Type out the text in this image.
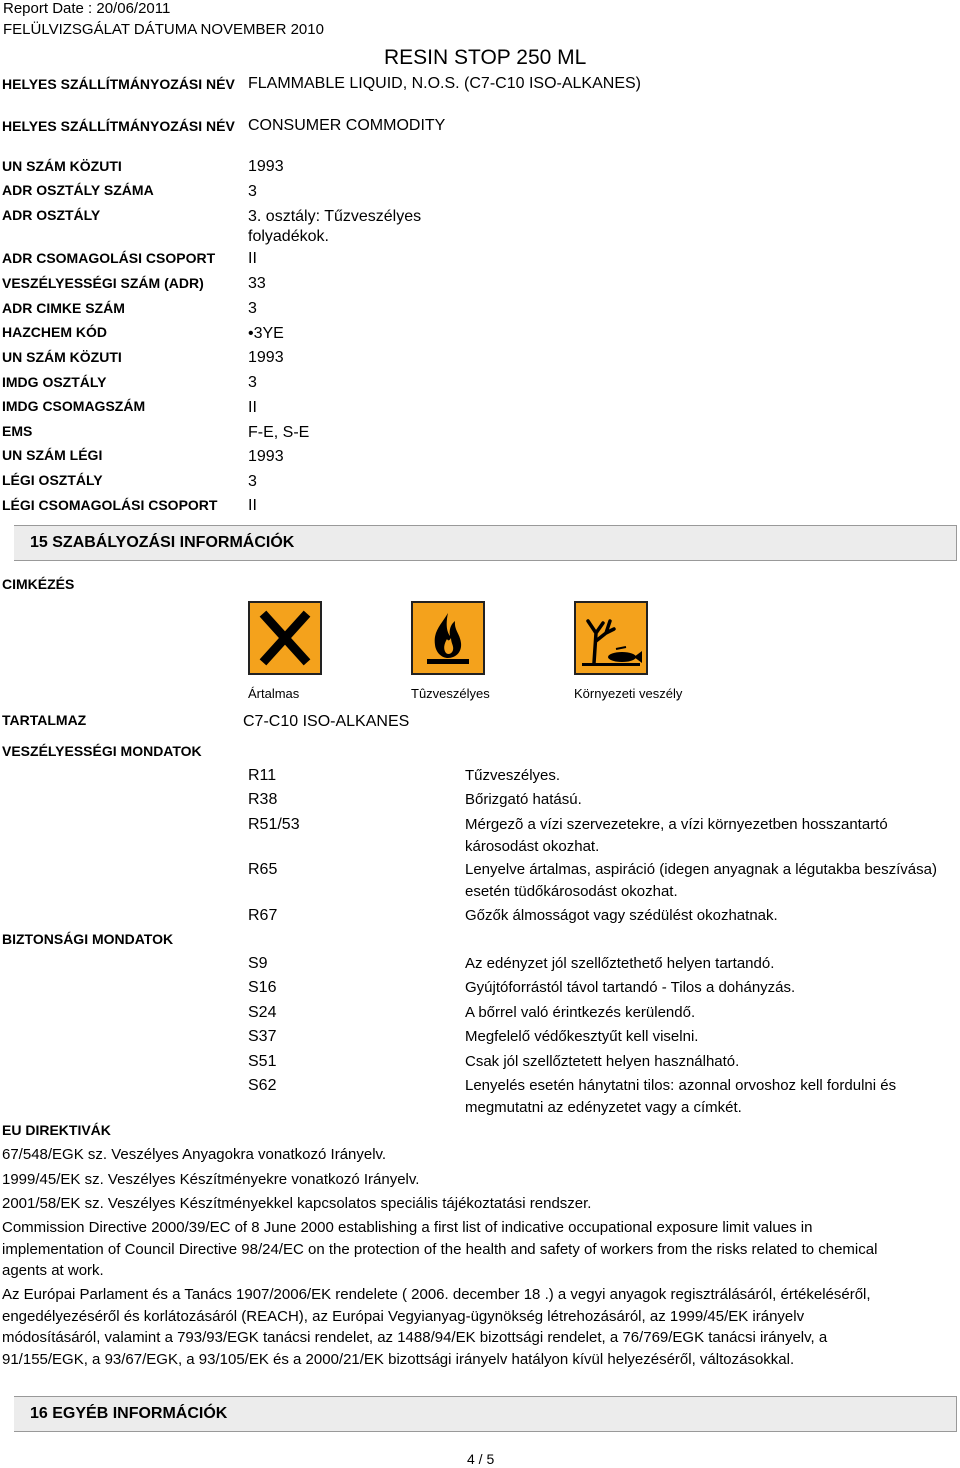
Report Date : 20/06/2011
FELÜLVIZSGÁLAT DÁTUMA NOVEMBER 2010
RESIN STOP 250 ML
HELYES SZÁLLÍTMÁNYOZÁSI NÉV FLAMMABLE LIQUID, N.O.S. (C7-C10 ISO-ALKANES)
HELYES SZÁLLÍTMÁNYOZÁSI NÉV CONSUMER COMMODITY
UN SZÁM KÖZUTI	1993
ADR OSZTÁLY SZÁMA	3
ADR OSZTÁLY	3. osztály: Tűzveszélyes folyadékok.
ADR CSOMAGOLÁSI CSOPORT II
VESZÉLYESSÉGI SZÁM (ADR)	33
ADR CIMKE SZÁM	3
HAZCHEM KÓD	•3YE
UN SZÁM KÖZUTI	1993
IMDG OSZTÁLY	3
IMDG CSOMAGSZÁM	II
EMS	F-E, S-E
UN SZÁM LÉGI	1993
LÉGI OSZTÁLY	3
LÉGI CSOMAGOLÁSI CSOPORT II
15 SZABÁLYOZÁSI INFORMÁCIÓK
CIMKÉZÉS
Ártalmas	Tûzveszélyes	Környezeti veszély
TARTALMAZ	C7-C10 ISO-ALKANES
VESZÉLYESSÉGI MONDATOK
R11	Tűzveszélyes.
R38	Bőrizgató hatású.
R51/53	Mérgezõ a vízi szervezetekre, a vízi környezetben hosszantartó károsodást okozhat.
R65	Lenyelve ártalmas, aspiráció (idegen anyagnak a légutakba beszívása) esetén tüdőkárosodást okozhat.
R67	Gőzők álmosságot vagy szédülést okozhatnak.
BIZTONSÁGI MONDATOK
S9	Az edényzet jól szellőztethető helyen tartandó.
S16	Gyújtóforrástól távol tartandó - Tilos a dohányzás.
S24	A bőrrel való érintkezés kerülendő.
S37	Megfelelő védőkesztyűt kell viselni.
S51	Csak jól szellőztetett helyen használható.
S62	Lenyelés esetén hánytatni tilos: azonnal orvoshoz kell fordulni és megmutatni az edényzetet vagy a címkét.
EU DIREKTIVÁK
67/548/EGK sz. Veszélyes Anyagokra vonatkozó Irányelv.
1999/45/EK sz. Veszélyes Készítményekre vonatkozó Irányelv.
2001/58/EK sz. Veszélyes Készítményekkel kapcsolatos speciális tájékoztatási rendszer.
Commission Directive 2000/39/EC of 8 June 2000 establishing a first list of indicative occupational exposure limit values in implementation of Council Directive 98/24/EC on the protection of the health and safety of workers from the risks related to chemical agents at work.
Az Európai Parlament és a Tanács 1907/2006/EK rendelete ( 2006. december 18 .) a vegyi anyagok regisztrálásáról, értékeléséről, engedélyezéséről és korlátozásáról (REACH), az Európai Vegyianyag-ügynökség létrehozásáról, az 1999/45/EK irányelv módosításáról, valamint a 793/93/EGK tanácsi rendelet, az 1488/94/EK bizottsági rendelet, a 76/769/EGK tanácsi irányelv, a 91/155/EGK, a 93/67/EGK, a 93/105/EK és a 2000/21/EK bizottsági irányelv hatályon kívül helyezéséről, változásokkal.
16 EGYÉB INFORMÁCIÓK
4 / 5
